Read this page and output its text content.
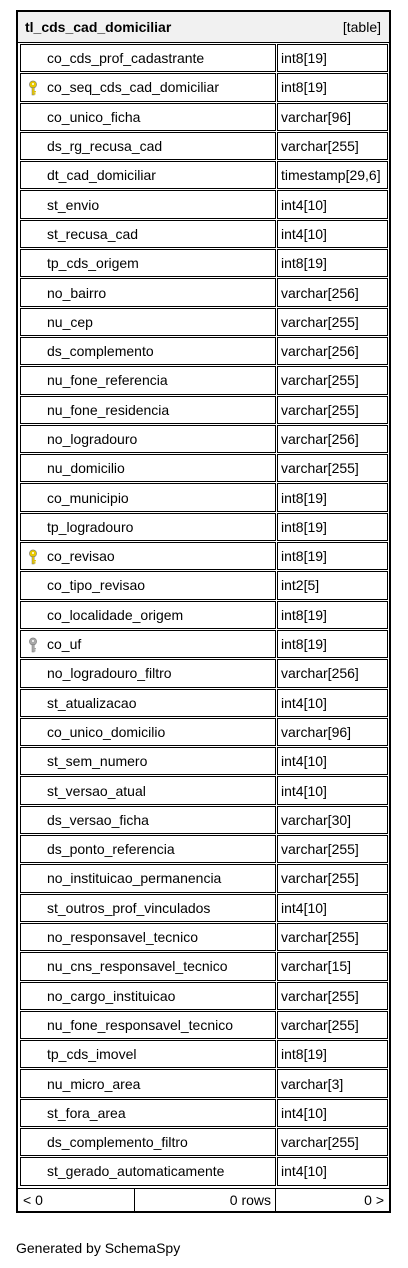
tl_cds_cad_domiciliar	[table]
co_cds_prof_cadastrante	int8[19]
co_seq_cds_cad_domiciliar	int8[19]
co_unico_ficha	varchar[96]
ds_rg_recusa_cad	varchar[255]
dt_cad_domiciliar	timestamp[29,6]
st_envio	int4[10]
st_recusa_cad	int4[10]
tp_cds_origem	int8[19]
no_bairro	varchar[256]
nu_cep	varchar[255]
ds_complemento	varchar[256]
nu_fone_referencia	varchar[255]
nu_fone_residencia	varchar[255]
no_logradouro	varchar[256]
nu_domicilio	varchar[255]
co_municipio	int8[19]
tp_logradouro	int8[19]
co_revisao	int8[19]
co_tipo_revisao	int2[5]
co_localidade_origem	int8[19]
co_uf	int8[19]
no_logradouro_filtro	varchar[256]
st_atualizacao	int4[10]
co_unico_domicilio	varchar[96]
st_sem_numero	int4[10]
st_versao_atual	int4[10]
ds_versao_ficha	varchar[30]
ds_ponto_referencia	varchar[255]
no_instituicao_permanencia	varchar[255]
st_outros_prof_vinculados	int4[10]
no_responsavel_tecnico	varchar[255]
nu_cns_responsavel_tecnico	varchar[15]
no_cargo_instituicao	varchar[255]
nu_fone_responsavel_tecnico	varchar[255]
tp_cds_imovel	int8[19]
nu_micro_area	varchar[3]
st_fora_area	int4[10]
ds_complemento_filtro	varchar[255]
st_gerado_automaticamente	int4[10]
< 0	0 rows	0 >
Generated by SchemaSpy
